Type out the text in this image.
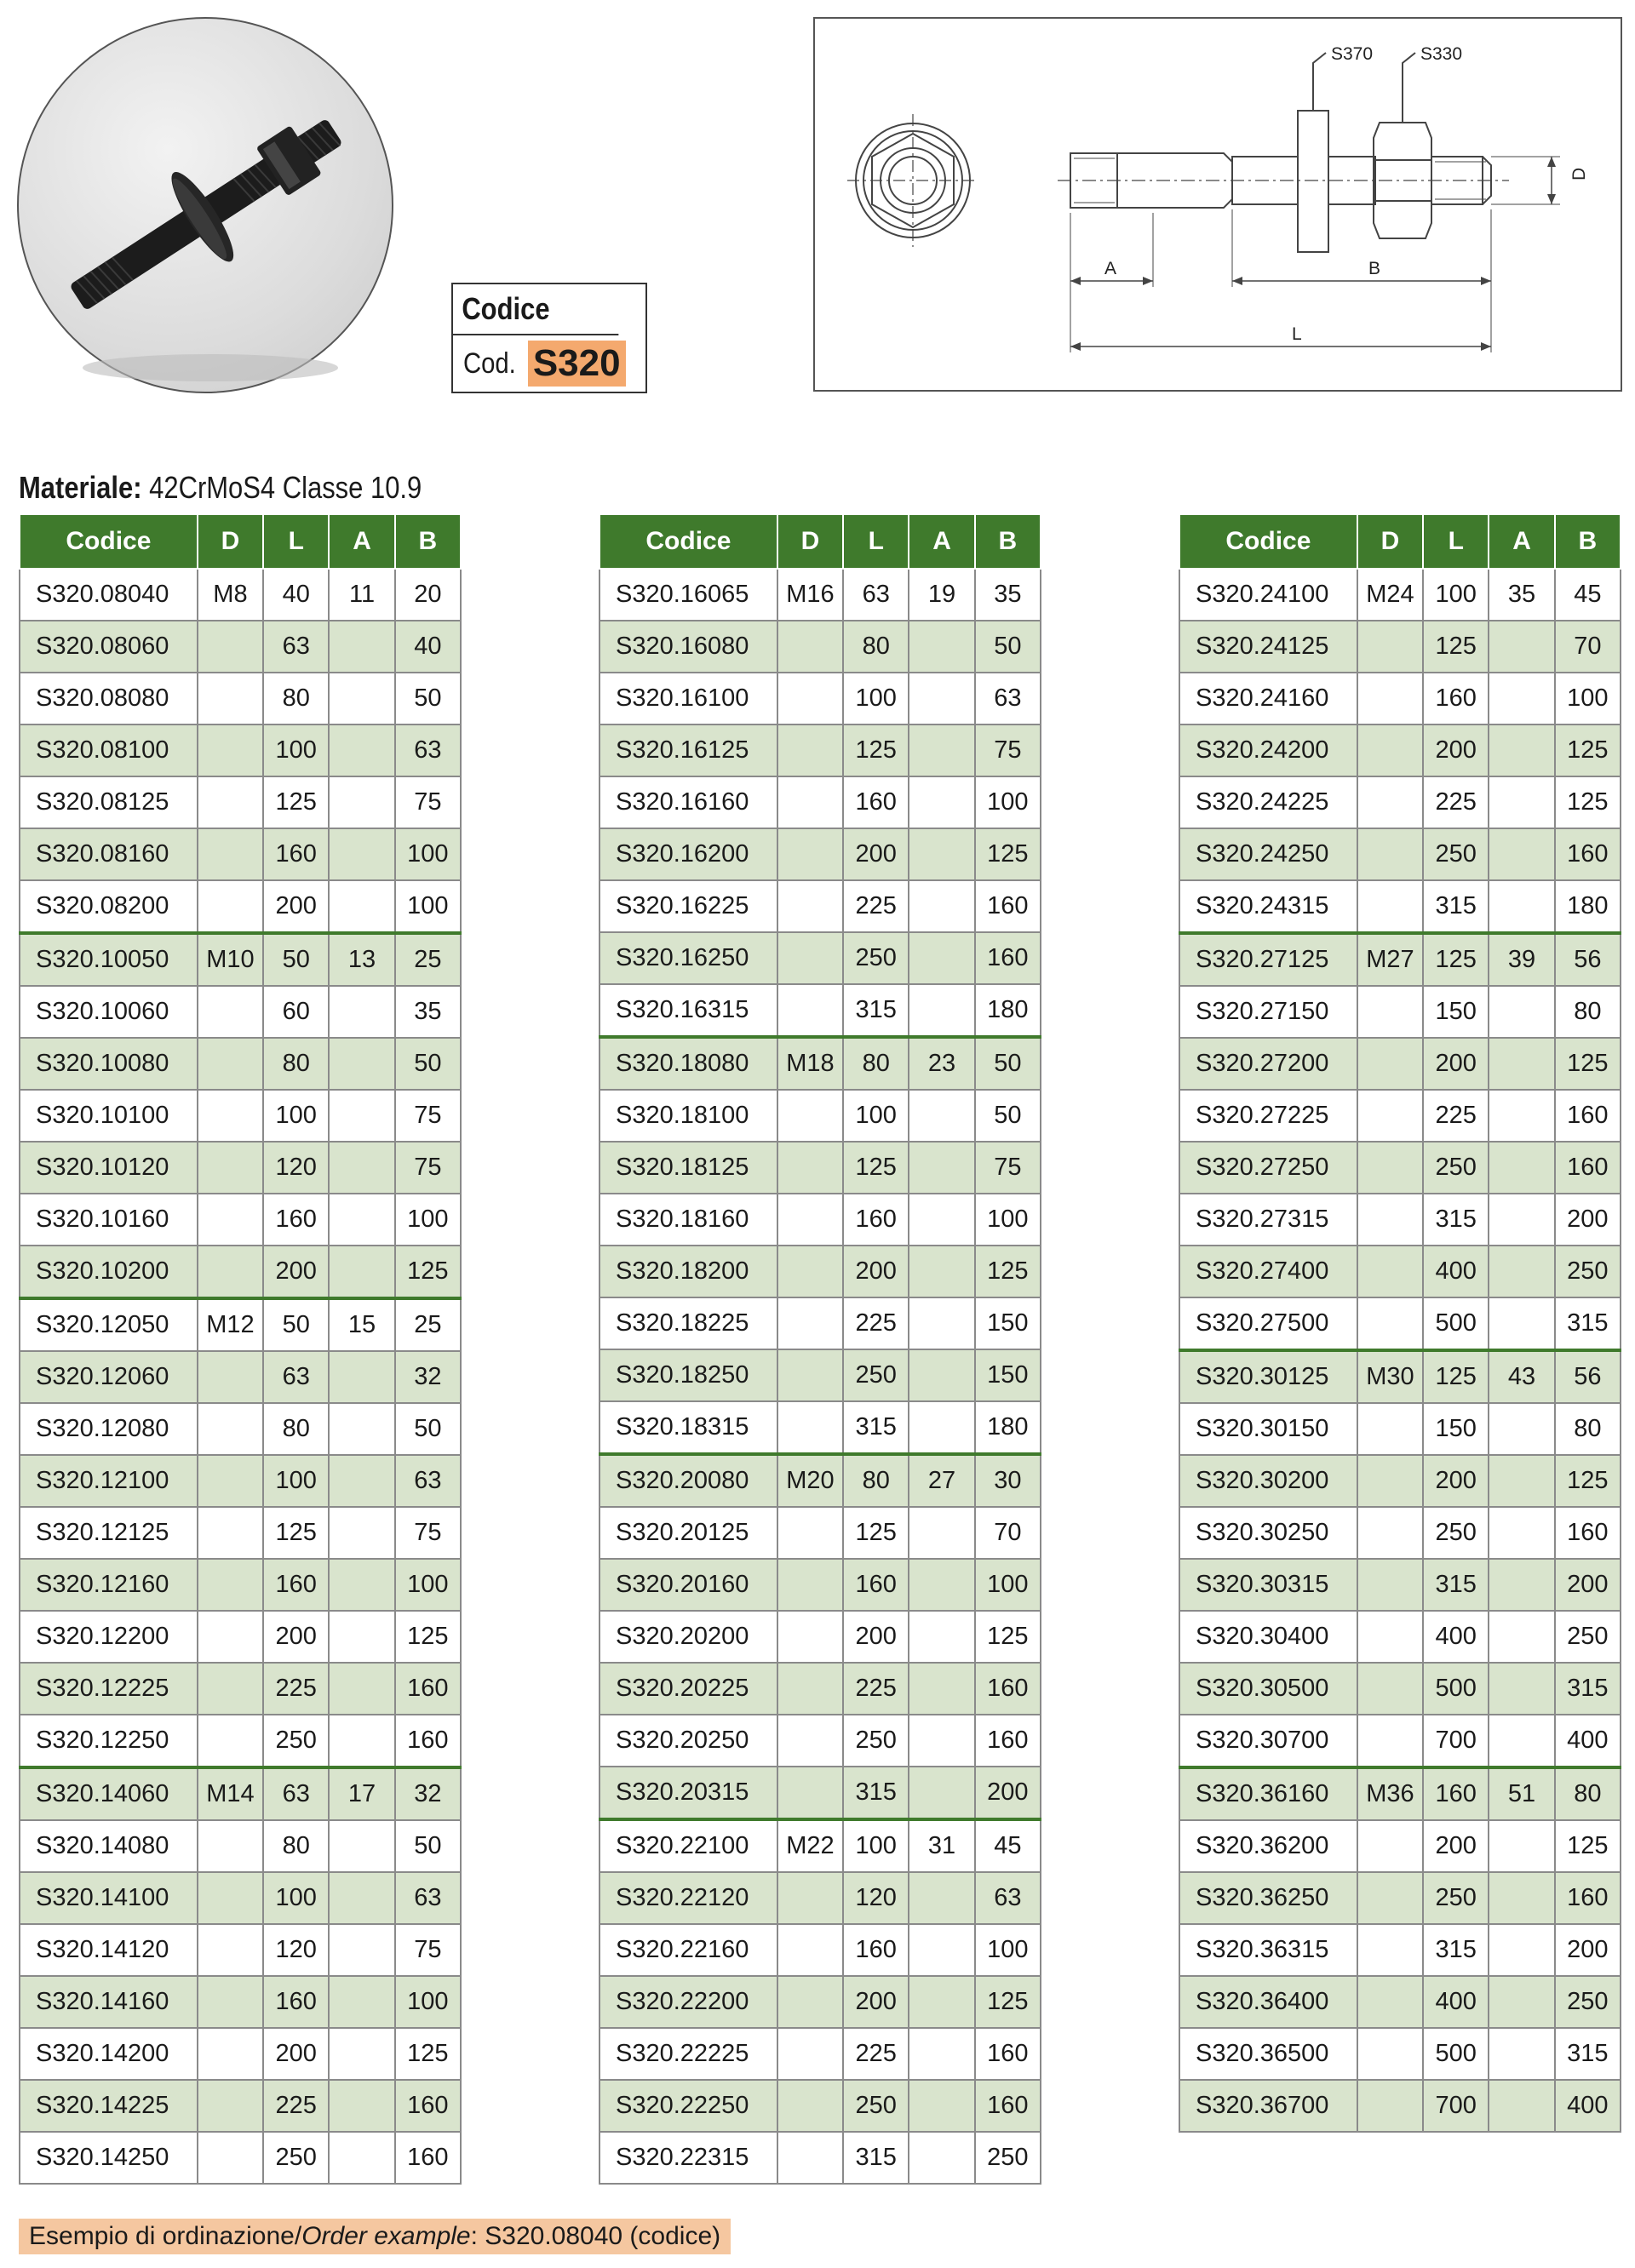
Codice
Cod. S320
S370	S330
D
A	B
L
Materiale: 42CrMoS4 Classe 10.9
Codice	D	L	A	B
S320.08040	M8	40	11	20
S320.08060		63		40
S320.08080		80		50
S320.08100		100		63
S320.08125		125		75
S320.08160		160		100
S320.08200		200		100
S320.10050	M10	50	13	25
S320.10060		60		35
S320.10080		80		50
S320.10100		100		75
S320.10120		120		75
S320.10160		160		100
S320.10200		200		125
S320.12050	M12	50	15	25
S320.12060		63		32
S320.12080		80		50
S320.12100		100		63
S320.12125		125		75
S320.12160		160		100
S320.12200		200		125
S320.12225		225		160
S320.12250		250		160
S320.14060	M14	63	17	32
S320.14080		80		50
S320.14100		100		63
S320.14120		120		75
S320.14160		160		100
S320.14200		200		125
S320.14225		225		160
S320.14250		250		160
Codice	D	L	A	B
S320.16065	M16	63	19	35
S320.16080		80		50
S320.16100		100		63
S320.16125		125		75
S320.16160		160		100
S320.16200		200		125
S320.16225		225		160
S320.16250		250		160
S320.16315		315		180
S320.18080	M18	80	23	50
S320.18100		100		50
S320.18125		125		75
S320.18160		160		100
S320.18200		200		125
S320.18225		225		150
S320.18250		250		150
S320.18315		315		180
S320.20080	M20	80	27	30
S320.20125		125		70
S320.20160		160		100
S320.20200		200		125
S320.20225		225		160
S320.20250		250		160
S320.20315		315		200
S320.22100	M22	100	31	45
S320.22120		120		63
S320.22160		160		100
S320.22200		200		125
S320.22225		225		160
S320.22250		250		160
S320.22315		315		250
Codice	D	L	A	B
S320.24100	M24	100	35	45
S320.24125		125		70
S320.24160		160		100
S320.24200		200		125
S320.24225		225		125
S320.24250		250		160
S320.24315		315		180
S320.27125	M27	125	39	56
S320.27150		150		80
S320.27200		200		125
S320.27225		225		160
S320.27250		250		160
S320.27315		315		200
S320.27400		400		250
S320.27500		500		315
S320.30125	M30	125	43	56
S320.30150		150		80
S320.30200		200		125
S320.30250		250		160
S320.30315		315		200
S320.30400		400		250
S320.30500		500		315
S320.30700		700		400
S320.36160	M36	160	51	80
S320.36200		200		125
S320.36250		250		160
S320.36315		315		200
S320.36400		400		250
S320.36500		500		315
S320.36700		700		400
Esempio di ordinazione/Order example: S320.08040 (codice)
